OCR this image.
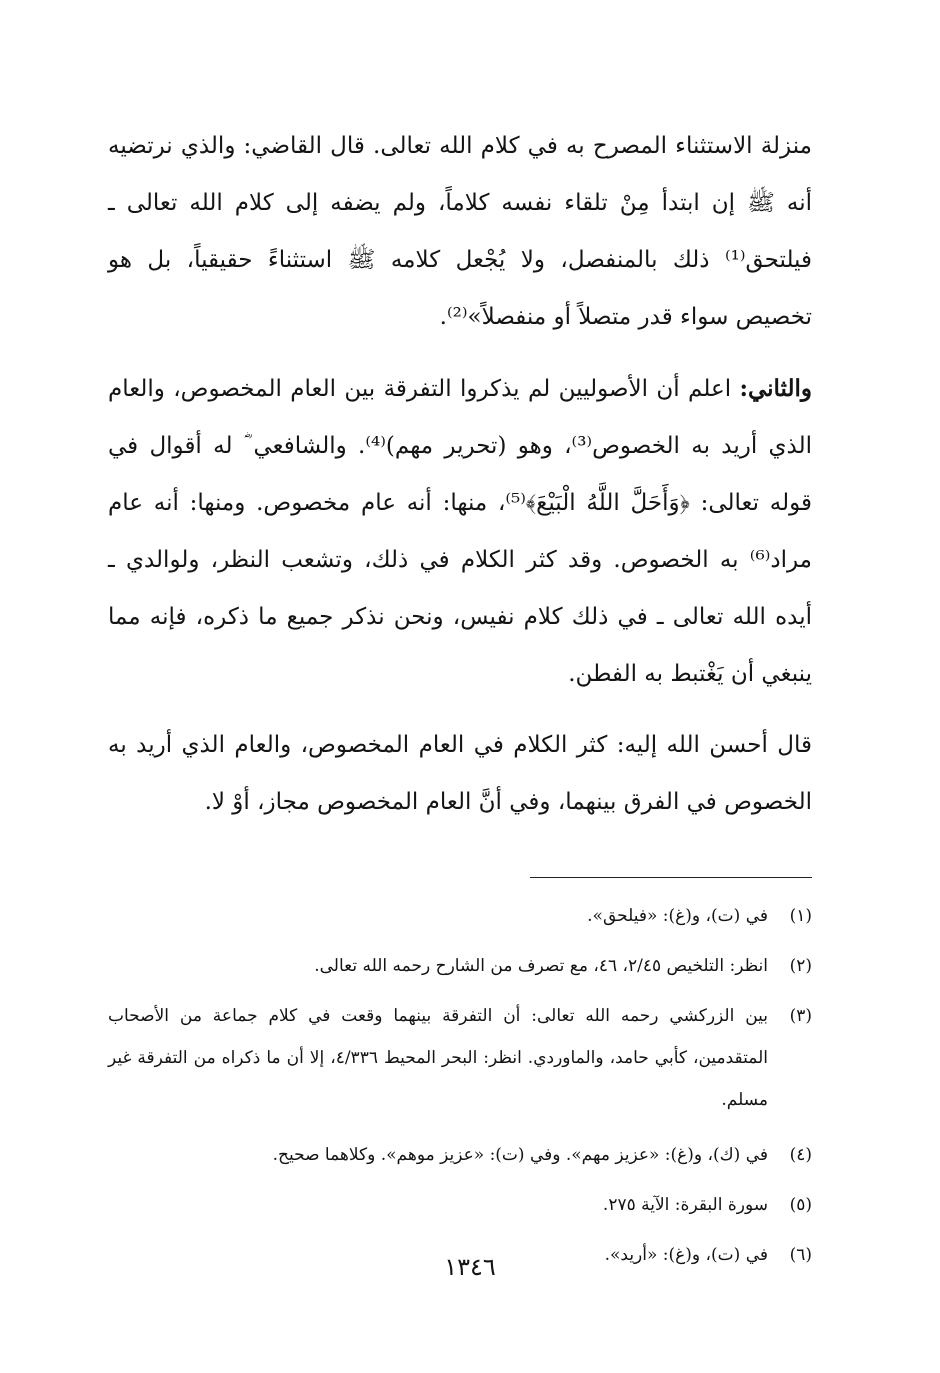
منزلة الاستثناء المصرح به في كلام الله تعالى. قال القاضي: والذي نرتضيه أنه ﷺ إن ابتدأ مِنْ تلقاء نفسه كلاماً، ولم يضفه إلى كلام الله تعالى ـ فيلتحق⁽¹⁾ ذلك بالمنفصل، ولا يُجْعل كلامه ﷺ استثناءً حقيقياً، بل هو تخصيص سواء قدر متصلاً أو منفصلاً»⁽²⁾.

والثاني: اعلم أن الأصوليين لم يذكروا التفرقة بين العام المخصوص، والعام الذي أريد به الخصوص⁽³⁾، وهو (تحرير مهم)⁽⁴⁾. والشافعي ؓ له أقوال في قوله تعالى: ﴿وَأَحَلَّ اللَّهُ الْبَيْعَ﴾⁽⁵⁾، منها: أنه عام مخصوص. ومنها: أنه عام مراد⁽⁶⁾ به الخصوص. وقد كثر الكلام في ذلك، وتشعب النظر، ولوالدي ـ أيده الله تعالى ـ في ذلك كلام نفيس، ونحن نذكر جميع ما ذكره، فإنه مما ينبغي أن يَغْتبط به الفطن.

قال أحسن الله إليه: كثر الكلام في العام المخصوص، والعام الذي أريد به الخصوص في الفرق بينهما، وفي أنَّ العام المخصوص مجاز، أوْ لا.

(١)
في (ت)، و(غ): «فيلحق».
(٢)
انظر: التلخيص ٢/٤٥، ٤٦، مع تصرف من الشارح رحمه الله تعالى.
(٣)
بين الزركشي رحمه الله تعالى: أن التفرقة بينهما وقعت في كلام جماعة من الأصحاب المتقدمين، كأبي حامد، والماوردي. انظر: البحر المحيط ٤/٣٣٦، إلا أن ما ذكراه من التفرقة غير مسلم.
(٤)
في (ك)، و(غ): «عزيز مهم». وفي (ت): «عزيز موهم». وكلاهما صحيح.
(٥)
سورة البقرة: الآية ٢٧٥.
(٦)
في (ت)، و(غ): «أريد».
١٣٤٦
